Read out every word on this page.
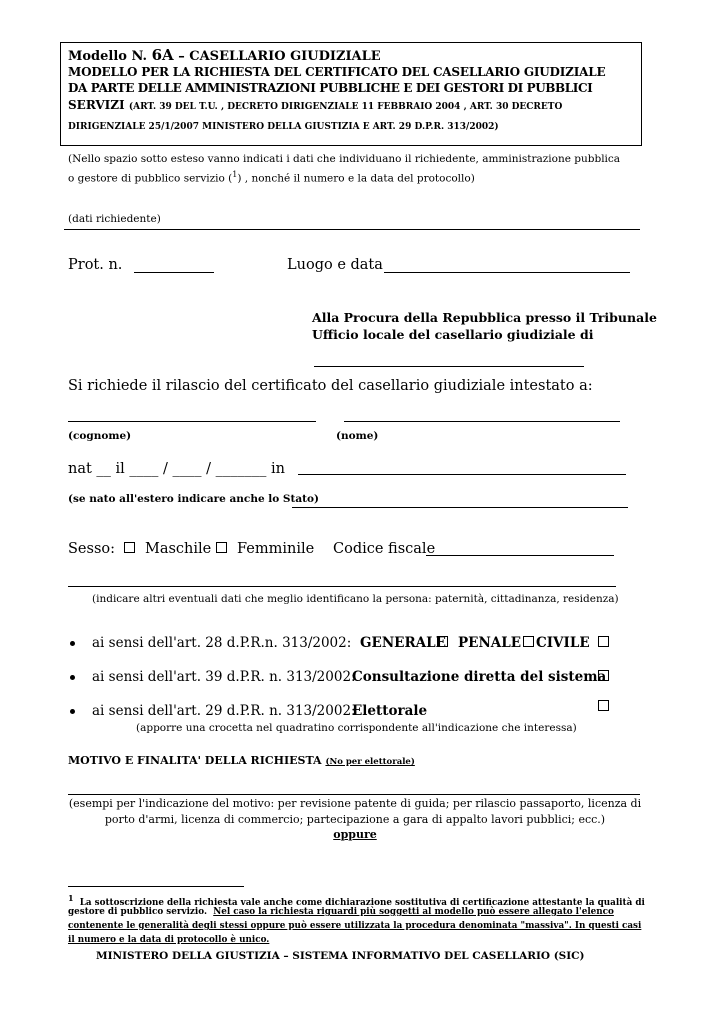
Modello N. 6A – CASELLARIO GIUDIZIALE
MODELLO PER LA RICHIESTA DEL CERTIFICATO DEL CASELLARIO GIUDIZIALE
DA PARTE DELLE AMMINISTRAZIONI PUBBLICHE E DEI GESTORI DI PUBBLICI
SERVIZI (ART. 39 DEL T.U. , DECRETO DIRIGENZIALE 11 FEBBRAIO 2004 , ART. 30 DECRETO
DIRIGENZIALE 25/1/2007 MINISTERO DELLA GIUSTIZIA E ART. 29 D.P.R. 313/2002)
(Nello spazio sotto esteso vanno indicati i dati che individuano il richiedente, amministrazione pubblica
o gestore di pubblico servizio ($^1$) , nonché il numero e la data del protocollo)
(dati richiedente)
Prot. n.	Luogo e data
Alla Procura della Repubblica presso il Tribunale
Ufficio locale del casellario giudiziale di
Si richiede il rilascio del certificato del casellario giudiziale intestato a:
(cognome)	(nome)
nat __ il ____ / ____ / _______ in
(se nato all'estero indicare anche lo Stato)
Sesso: Maschile Femminile Codice fiscale
(indicare altri eventuali dati che meglio identificano la persona: paternità, cittadinanza, residenza)
ai sensi dell'art. 28 d.P.R.n. 313/2002: GENERALE PENALE CIVILE
ai sensi dell'art. 39 d.P.R. n. 313/2002:
Consultazione diretta del sistema
ai sensi dell'art. 29 d.P.R. n. 313/2002:
Elettorale
(apporre una crocetta nel quadratino corrispondente all'indicazione che interessa)
MOTIVO E FINALITA' DELLA RICHIESTA (No per elettorale)
(esempi per l'indicazione del motivo: per revisione patente di guida; per rilascio passaporto, licenza di
porto d'armi, licenza di commercio; partecipazione a gara di appalto lavori pubblici; ecc.)
oppure
1 La sottoscrizione della richiesta vale anche come dichiarazione sostitutiva di certificazione attestante la qualità di
gestore di pubblico servizio. Nel caso la richiesta riguardi più soggetti al modello può essere allegato l'elenco
contenente le generalità degli stessi oppure può essere utilizzata la procedura denominata "massiva". In questi casi
il numero e la data di protocollo è unico.
MINISTERO DELLA GIUSTIZIA – SISTEMA INFORMATIVO DEL CASELLARIO (SIC)
